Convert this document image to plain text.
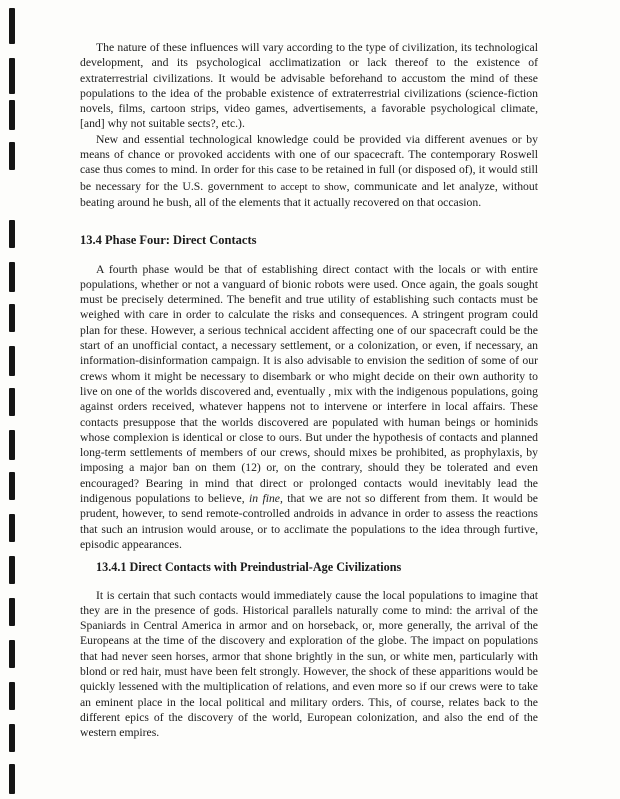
The nature of these influences will vary according to the type of civilization, its technological development, and its psychological acclimatization or lack thereof to the existence of extraterrestrial civilizations. It would be advisable beforehand to accustom the mind of these populations to the idea of the probable existence of extraterrestrial civilizations (science-fiction novels, films, cartoon strips, video games, advertisements, a favorable psychological climate, [and] why not suitable sects?, etc.).

New and essential technological knowledge could be provided via different avenues or by means of chance or provoked accidents with one of our spacecraft. The contemporary Roswell case thus comes to mind. In order for this case to be retained in full (or disposed of), it would still be necessary for the U.S. government to accept to show, communicate and let analyze, without beating around he bush, all of the elements that it actually recovered on that occasion.

13.4 Phase Four: Direct Contacts

A fourth phase would be that of establishing direct contact with the locals or with entire populations, whether or not a vanguard of bionic robots were used. Once again, the goals sought must be precisely determined. The benefit and true utility of establishing such contacts must be weighed with care in order to calculate the risks and consequences. A stringent program could plan for these. However, a serious technical accident affecting one of our spacecraft could be the start of an unofficial contact, a necessary settlement, or a colonization, or even, if necessary, an information-disinformation campaign. It is also advisable to envision the sedition of some of our crews whom it might be necessary to disembark or who might decide on their own authority to live on one of the worlds discovered and, eventually , mix with the indigenous populations, going against orders received, whatever happens not to intervene or interfere in local affairs. These contacts presuppose that the worlds discovered are populated with human beings or hominids whose complexion is identical or close to ours. But under the hypothesis of contacts and planned long-term settlements of members of our crews, should mixes be prohibited, as prophylaxis, by imposing a major ban on them (12) or, on the contrary, should they be tolerated and even encouraged? Bearing in mind that direct or prolonged contacts would inevitably lead the indigenous populations to believe, in fine, that we are not so different from them. It would be prudent, however, to send remote-controlled androids in advance in order to assess the reactions that such an intrusion would arouse, or to acclimate the populations to the idea through furtive, episodic appearances.

13.4.1 Direct Contacts with Preindustrial-Age Civilizations

It is certain that such contacts would immediately cause the local populations to imagine that they are in the presence of gods. Historical parallels naturally come to mind: the arrival of the Spaniards in Central America in armor and on horseback, or, more generally, the arrival of the Europeans at the time of the discovery and exploration of the globe. The impact on populations that had never seen horses, armor that shone brightly in the sun, or white men, particularly with blond or red hair, must have been felt strongly. However, the shock of these apparitions would be quickly lessened with the multiplication of relations, and even more so if our crews were to take an eminent place in the local political and military orders. This, of course, relates back to the different epics of the discovery of the world, European colonization, and also the end of the western empires.
